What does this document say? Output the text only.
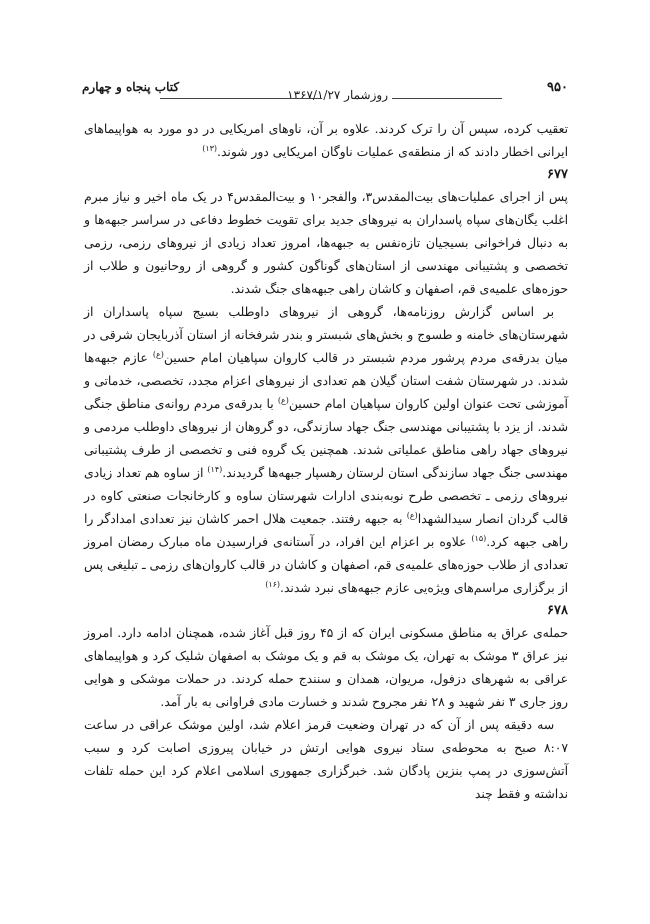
۹۵۰
روزشمار ۱۳۶۷/۱/۲۷
کتاب پنجاه و چهارم

تعقیب کرده، سپس آن را ترک کردند. علاوه بر آن، ناوهای امریکایی در دو مورد به هواپیماهای ایرانی اخطار دادند که از منطقه‌ی عملیات ناوگان امریکایی دور شوند.$^{(۱۳)}$

۶۷۷

پس از اجرای عملیات‌های بیت‌المقدس۳، والفجر۱۰ و بیت‌المقدس۴ در یک ماه اخیر و نیاز مبرم اغلب یگان‌های سپاه پاسداران به نیروهای جدید برای تقویت خطوط دفاعی در سراسر جبهه‌ها و به دنبال فراخوانی بسیجیان تازه‌نفس به جبهه‌ها، امروز تعداد زیادی از نیروهای رزمی، رزمی تخصصی و پشتیبانی مهندسی از استان‌های گوناگون کشور و گروهی از روحانیون و طلاب از حوزه‌های علمیه‌ی قم، اصفهان و کاشان راهی جبهه‌های جنگ شدند.

بر اساس گزارش روزنامه‌ها، گروهی از نیروهای داوطلب بسیج سپاه پاسداران از شهرستان‌های خامنه و طسوج و بخش‌های شبستر و بندر شرفخانه از استان آذربایجان شرقی در میان بدرقه‌ی مردم پرشور مردم شبستر در قالب کاروان سپاهیان امام حسین$^{(ع)}$ عازم جبهه‌ها شدند. در شهرستان شفت استان گیلان هم تعدادی از نیروهای اعزام مجدد، تخصصی، خدماتی و آموزشی تحت عنوان اولین کاروان سپاهیان امام حسین$^{(ع)}$ با بدرقه‌ی مردم روانه‌ی مناطق جنگی شدند. از یزد با پشتیبانی مهندسی جنگ جهاد سازندگی، دو گروهان از نیروهای داوطلب مردمی و نیروهای جهاد راهی مناطق عملیاتی شدند. همچنین یک گروه فنی و تخصصی از طرف پشتیبانی مهندسی جنگ جهاد سازندگی استان لرستان رهسپار جبهه‌ها گردیدند.$^{(۱۴)}$ از ساوه هم تعداد زیادی نیروهای رزمی ـ تخصصی طرح نوبه‌بندی ادارات شهرستان ساوه و کارخانجات صنعتی کاوه در قالب گردان انصار سیدالشهدا$^{(ع)}$ به جبهه رفتند. جمعیت هلال احمر کاشان نیز تعدادی امدادگر را راهی جبهه کرد.$^{(۱۵)}$ علاوه بر اعزام این افراد، در آستانه‌ی فرارسیدن ماه مبارک رمضان امروز تعدادی از طلاب حوزه‌های علمیه‌ی قم، اصفهان و کاشان در قالب کاروان‌های رزمی ـ تبلیغی پس از برگزاری مراسم‌های ویژه‌یی عازم جبهه‌های نبرد شدند.$^{(۱۶)}$

۶۷۸

حمله‌ی عراق به مناطق مسکونی ایران که از ۴۵ روز قبل آغاز شده، همچنان ادامه دارد. امروز نیز عراق ۳ موشک به تهران، یک موشک به قم و یک موشک به اصفهان شلیک کرد و هواپیماهای عراقی به شهرهای دزفول، مریوان، همدان و سنندج حمله کردند. در حملات موشکی و هوایی روز جاری ۳ نفر شهید و ۲۸ نفر مجروح شدند و خسارت مادی فراوانی به بار آمد.

سه دقیقه پس از آن که در تهران وضعیت قرمز اعلام شد، اولین موشک عراقی در ساعت ۸:۰۷ صبح به محوطه‌ی ستاد نیروی هوایی ارتش در خیابان پیروزی اصابت کرد و سبب آتش‌سوزی در پمپ بنزین پادگان شد. خبرگزاری جمهوری اسلامی اعلام کرد این حمله تلفات نداشته و فقط چند
